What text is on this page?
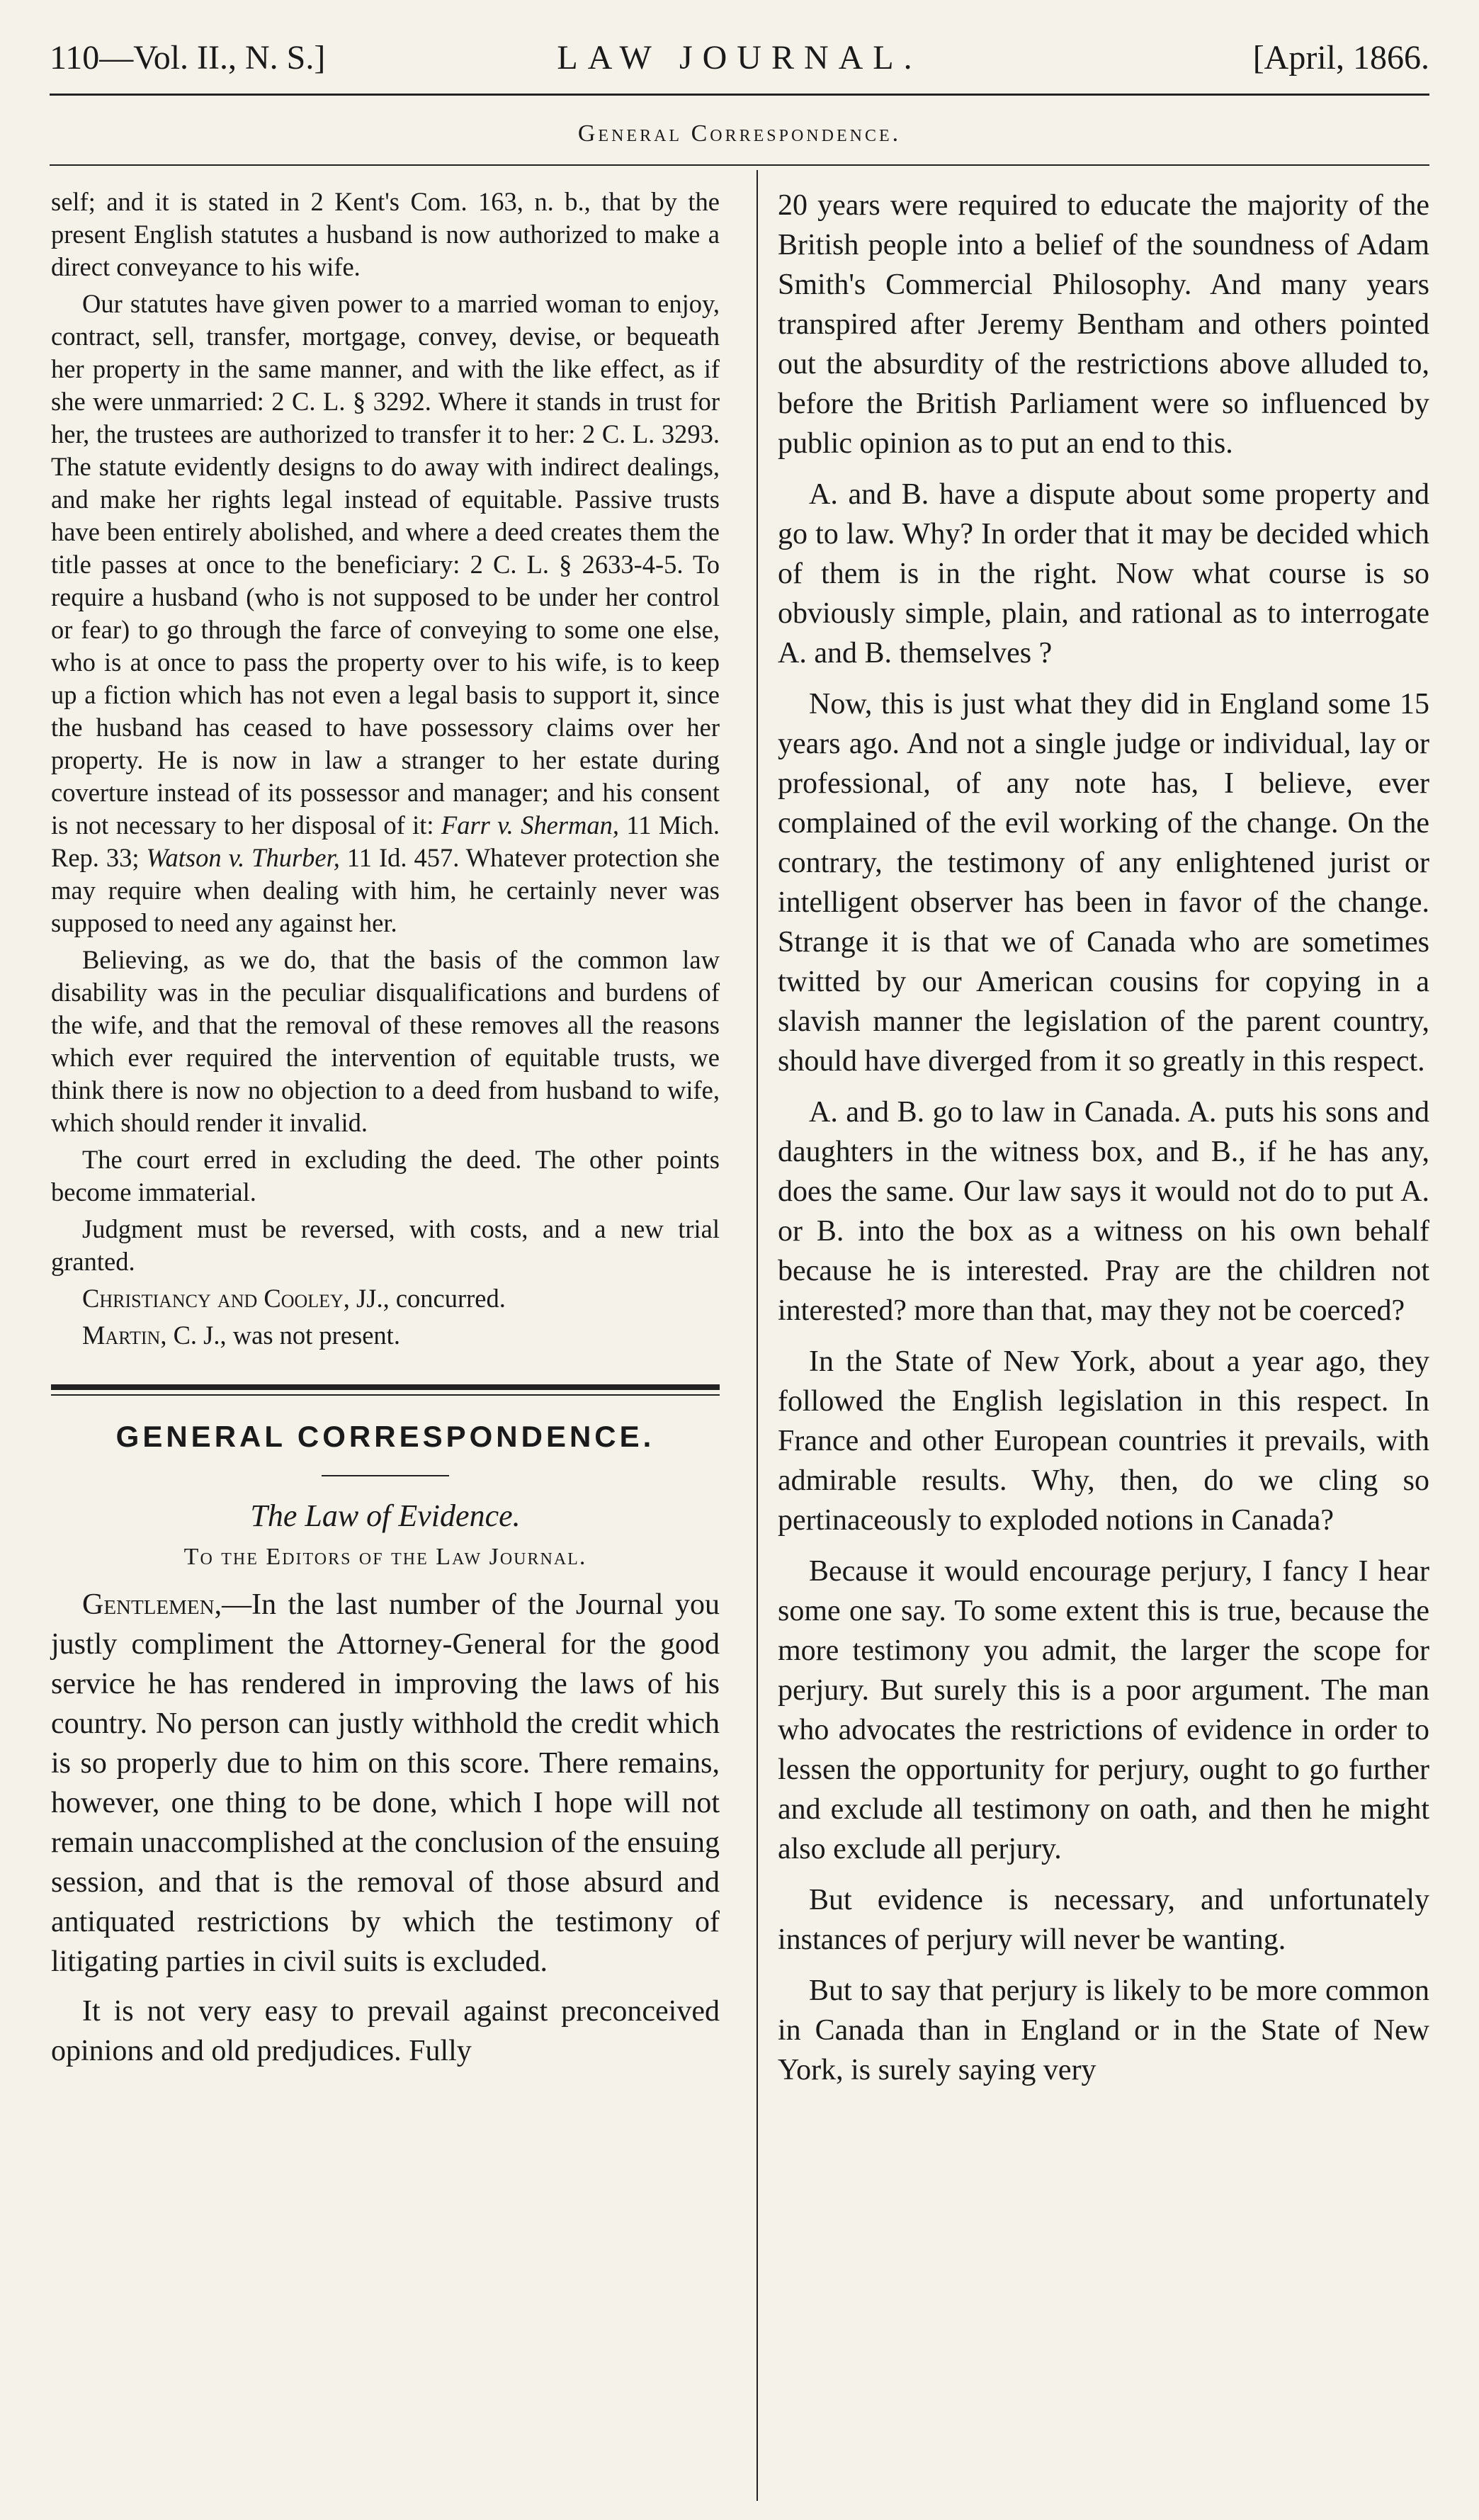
110—Vol. II., N. S.]	LAW JOURNAL.	[April, 1866.
General Correspondence.

self; and it is stated in 2 Kent's Com. 163, n. b., that by the present English statutes a husband is now authorized to make a direct conveyance to his wife.

Our statutes have given power to a married woman to enjoy, contract, sell, transfer, mortgage, convey, devise, or bequeath her property in the same manner, and with the like effect, as if she were unmarried: 2 C. L. § 3292. Where it stands in trust for her, the trustees are authorized to transfer it to her: 2 C. L. 3293. The statute evidently designs to do away with indirect dealings, and make her rights legal instead of equitable. Passive trusts have been entirely abolished, and where a deed creates them the title passes at once to the beneficiary: 2 C. L. § 2633-4-5. To require a husband (who is not supposed to be under her control or fear) to go through the farce of conveying to some one else, who is at once to pass the property over to his wife, is to keep up a fiction which has not even a legal basis to support it, since the husband has ceased to have possessory claims over her property. He is now in law a stranger to her estate during coverture instead of its possessor and manager; and his consent is not necessary to her disposal of it: Farr v. Sherman, 11 Mich. Rep. 33; Watson v. Thurber, 11 Id. 457. Whatever protection she may require when dealing with him, he certainly never was supposed to need any against her.

Believing, as we do, that the basis of the common law disability was in the peculiar disqualifications and burdens of the wife, and that the removal of these removes all the reasons which ever required the intervention of equitable trusts, we think there is now no objection to a deed from husband to wife, which should render it invalid.

The court erred in excluding the deed. The other points become immaterial.

Judgment must be reversed, with costs, and a new trial granted.

Christiancy and Cooley, JJ., concurred.

Martin, C. J., was not present.

GENERAL CORRESPONDENCE.
The Law of Evidence.
To the Editors of the Law Journal.

Gentlemen,—In the last number of the Journal you justly compliment the Attorney-General for the good service he has rendered in improving the laws of his country. No person can justly withhold the credit which is so properly due to him on this score. There remains, however, one thing to be done, which I hope will not remain unaccomplished at the conclusion of the ensuing session, and that is the removal of those absurd and antiquated restrictions by which the testimony of litigating parties in civil suits is excluded.

It is not very easy to prevail against preconceived opinions and old predjudices. Fully

20 years were required to educate the majority of the British people into a belief of the soundness of Adam Smith's Commercial Philosophy. And many years transpired after Jeremy Bentham and others pointed out the absurdity of the restrictions above alluded to, before the British Parliament were so influenced by public opinion as to put an end to this.

A. and B. have a dispute about some property and go to law. Why? In order that it may be decided which of them is in the right. Now what course is so obviously simple, plain, and rational as to interrogate A. and B. themselves ?

Now, this is just what they did in England some 15 years ago. And not a single judge or individual, lay or professional, of any note has, I believe, ever complained of the evil working of the change. On the contrary, the testimony of any enlightened jurist or intelligent observer has been in favor of the change. Strange it is that we of Canada who are sometimes twitted by our American cousins for copying in a slavish manner the legislation of the parent country, should have diverged from it so greatly in this respect.

A. and B. go to law in Canada. A. puts his sons and daughters in the witness box, and B., if he has any, does the same. Our law says it would not do to put A. or B. into the box as a witness on his own behalf because he is interested. Pray are the children not interested? more than that, may they not be coerced?

In the State of New York, about a year ago, they followed the English legislation in this respect. In France and other European countries it prevails, with admirable results. Why, then, do we cling so pertinaceously to exploded notions in Canada?

Because it would encourage perjury, I fancy I hear some one say. To some extent this is true, because the more testimony you admit, the larger the scope for perjury. But surely this is a poor argument. The man who advocates the restrictions of evidence in order to lessen the opportunity for perjury, ought to go further and exclude all testimony on oath, and then he might also exclude all perjury.

But evidence is necessary, and unfortunately instances of perjury will never be wanting.

But to say that perjury is likely to be more common in Canada than in England or in the State of New York, is surely saying very
